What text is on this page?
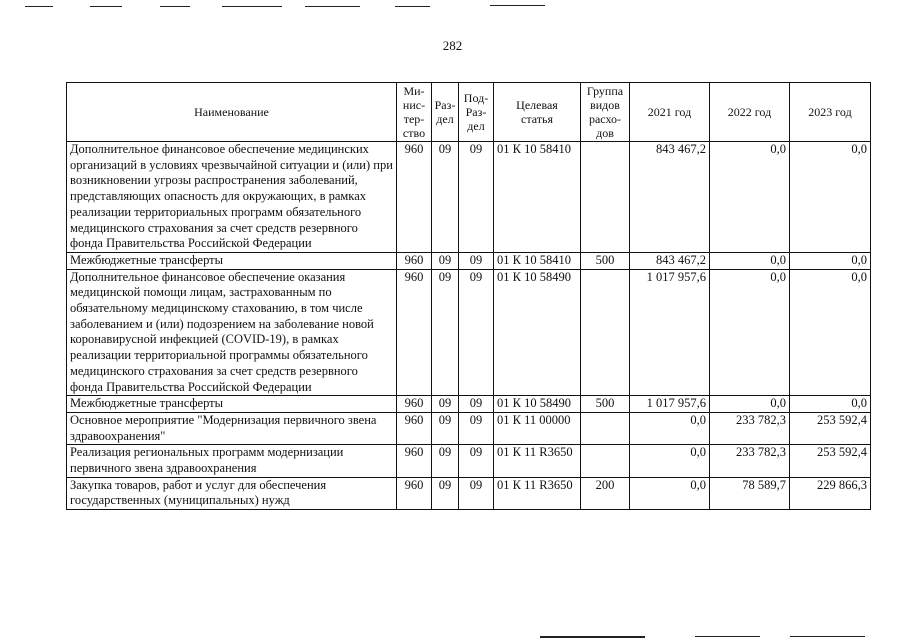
282
Наименование	Ми-
нис-
тер-
ство	Раз-
дел	Под-
Раз-
дел	Целевая
статья	Группа
видов
расхо-
дов	2021 год	2022 год	2023 год
Дополнительное финансовое обеспечение медицинских организаций в условиях чрезвычайной ситуации и (или) при возникновении угрозы распространения заболеваний, представляющих опасность для окружающих, в рамках реализации территориальных программ обязательного медицинского страхования за счет средств резервного фонда Правительства Российской Федерации	960	09	09	01 К 10 58410		843 467,2	0,0	0,0
Межбюджетные трансферты	960	09	09	01 К 10 58410	500	843 467,2	0,0	0,0
Дополнительное финансовое обеспечение оказания медицинской помощи лицам, застрахованным по обязательному медицинскому стахованию, в том числе заболеванием и (или) подозрением на заболевание новой коронавирусной инфекцией (COVID-19), в рамках реализации территориальной программы обязательного медицинского страхования за счет средств резервного фонда Правительства Российской Федерации	960	09	09	01 К 10 58490		1 017 957,6	0,0	0,0
Межбюджетные трансферты	960	09	09	01 К 10 58490	500	1 017 957,6	0,0	0,0
Основное мероприятие "Модернизация первичного звена здравоохранения"	960	09	09	01 К 11 00000		0,0	233 782,3	253 592,4
Реализация региональных программ модернизации первичного звена здравоохранения	960	09	09	01 К 11 R3650		0,0	233 782,3	253 592,4
Закупка товаров, работ и услуг для обеспечения государственных (муниципальных) нужд	960	09	09	01 К 11 R3650	200	0,0	78 589,7	229 866,3
